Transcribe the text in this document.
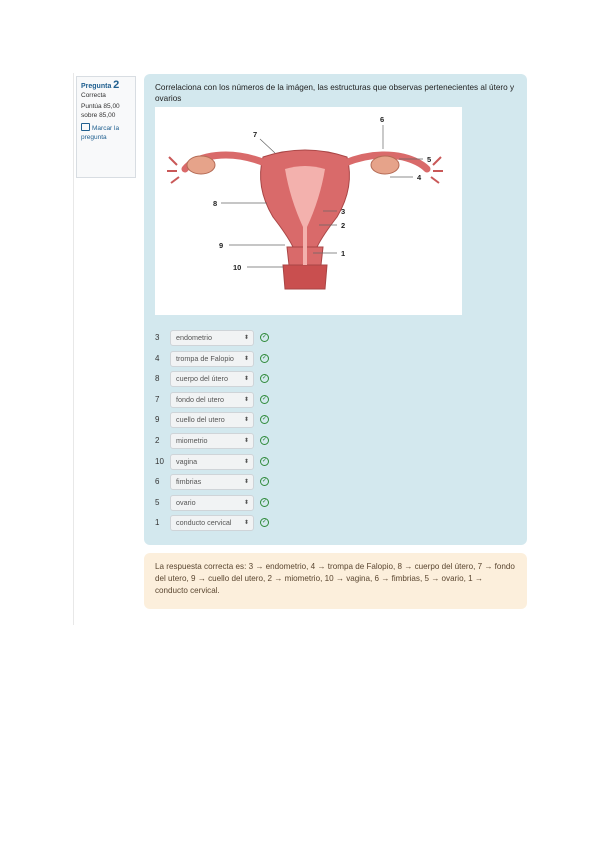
Pregunta 2
Correcta
Puntúa 85,00 sobre 85,00
Marcar la pregunta
Correlaciona con los números de la imágen, las estructuras que observas pertenecientes al útero y ovarios
7
6
5
4
8
3
2
9
1
10
3	endometrio	⬍	✓
4	trompa de Falopio ⬍	✓
8	cuerpo del útero	⬍	✓
7	fondo del utero	⬍	✓
9	cuello del utero	⬍	✓
2	miometrio	⬍	✓
10	vagina	⬍	✓
6	fimbrias	⬍	✓
5	ovario	⬍	✓
1	conducto cervical ⬍	✓
La respuesta correcta es: 3 → endometrio, 4 → trompa de Falopio, 8 → cuerpo del útero, 7 → fondo del utero, 9 → cuello del utero, 2 → miometrio, 10 → vagina, 6 → fimbrias, 5 → ovario, 1 → conducto cervical.
